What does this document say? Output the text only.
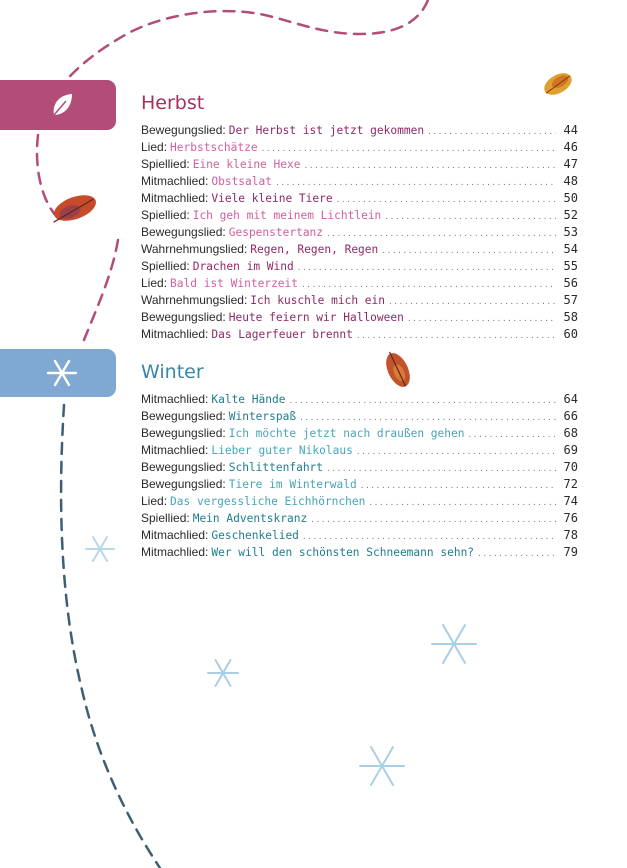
Herbst
Bewegungslied: Der Herbst ist jetzt gekommen .....	44
Lied: Herbstschätze .....	46
Spiellied: Eine kleine Hexe .....	47
Mitmachlied: Obstsalat .....	48
Mitmachlied: Viele kleine Tiere .....	50
Spiellied: Ich geh mit meinem Lichtlein .....	52
Bewegungslied: Gespenstertanz .....	53
Wahrnehmungslied: Regen, Regen, Regen .....	54
Spiellied: Drachen im Wind .....	55
Lied: Bald ist Winterzeit .....	56
Wahrnehmungslied: Ich kuschle mich ein .....	57
Bewegungslied: Heute feiern wir Halloween .....	58
Mitmachlied: Das Lagerfeuer brennt .....	60
Winter
Mitmachlied: Kalte Hände .....	64
Bewegungslied: Winterspaß .....	66
Bewegungslied: Ich möchte jetzt nach draußen gehen .....	68
Mitmachlied: Lieber guter Nikolaus .....	69
Bewegungslied: Schlittenfahrt .....	70
Bewegungslied: Tiere im Winterwald .....	72
Lied: Das vergessliche Eichhörnchen .....	74
Spiellied: Mein Adventskranz .....	76
Mitmachlied: Geschenkelied .....	78
Mitmachlied: Wer will den schönsten Schneemann sehn? .....	79
